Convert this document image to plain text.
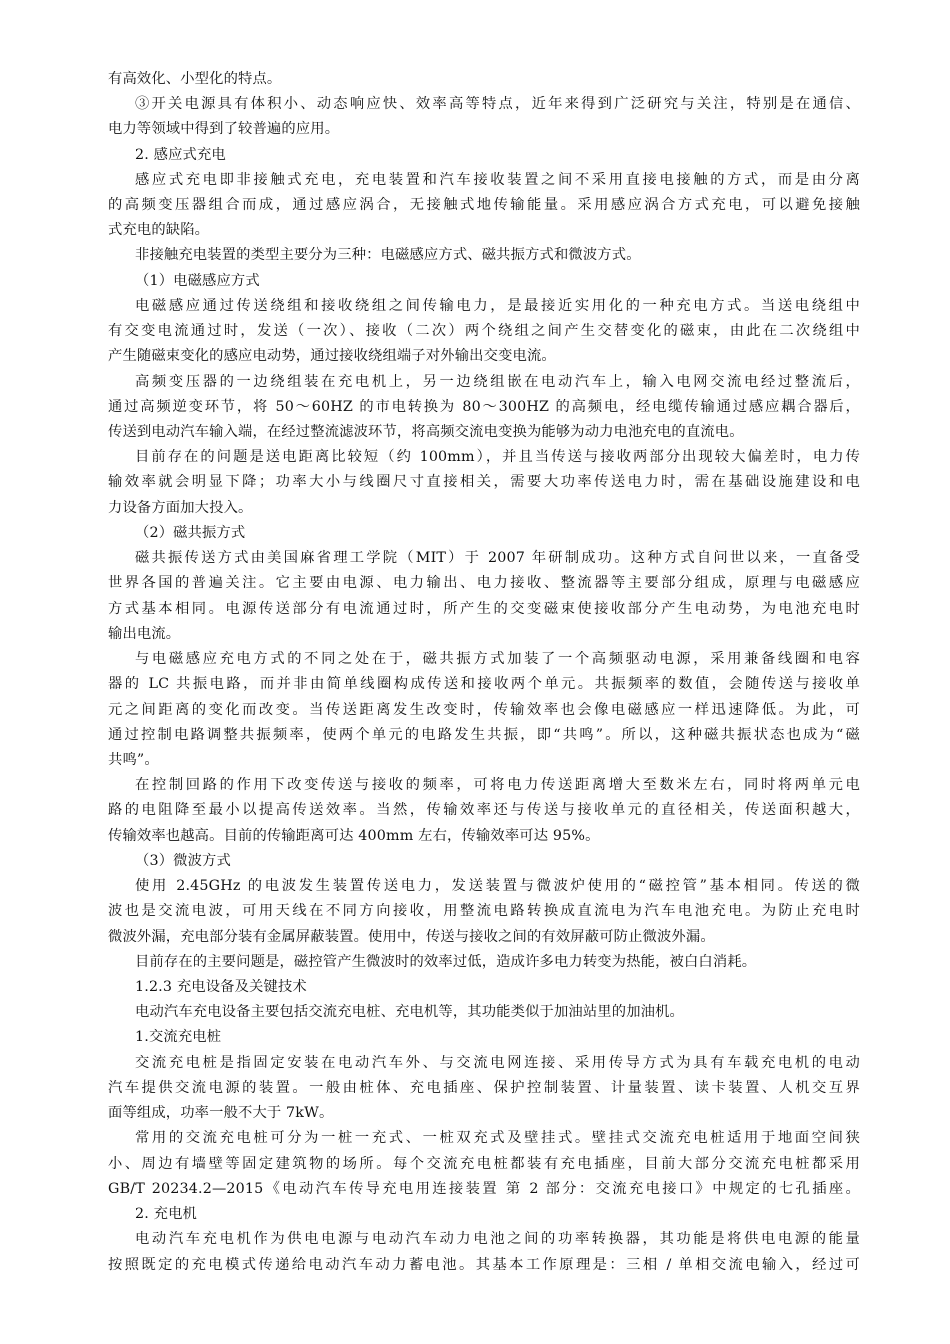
有高效化、小型化的特点。
③开关电源具有体积小、动态响应快、效率高等特点，近年来得到广泛研究与关注，特别是在通信、
电力等领域中得到了较普遍的应用。
2. 感应式充电
感应式充电即非接触式充电，充电装置和汽车接收装置之间不采用直接电接触的方式，而是由分离
的高频变压器组合而成，通过感应涡合，无接触式地传输能量。采用感应涡合方式充电，可以避免接触
式充电的缺陷。
非接触充电装置的类型主要分为三种：电磁感应方式、磁共振方式和微波方式。
（1）电磁感应方式
电磁感应通过传送绕组和接收绕组之间传输电力，是最接近实用化的一种充电方式。当送电绕组中
有交变电流通过时，发送（一次）、接收（二次）两个绕组之间产生交替变化的磁束，由此在二次绕组中
产生随磁束变化的感应电动势，通过接收绕组端子对外输出交变电流。
高频变压器的一边绕组装在充电机上，另一边绕组嵌在电动汽车上，输入电网交流电经过整流后，
通过高频逆变环节，将 50～60HZ 的市电转换为 80～300HZ 的高频电，经电缆传输通过感应耦合器后，
传送到电动汽车输入端，在经过整流滤波环节，将高频交流电变换为能够为动力电池充电的直流电。
目前存在的问题是送电距离比较短（约 100mm），并且当传送与接收两部分出现较大偏差时，电力传
输效率就会明显下降；功率大小与线圈尺寸直接相关，需要大功率传送电力时，需在基础设施建设和电
力设备方面加大投入。
（2）磁共振方式
磁共振传送方式由美国麻省理工学院（MIT）于 2007 年研制成功。这种方式自问世以来，一直备受
世界各国的普遍关注。它主要由电源、电力输出、电力接收、整流器等主要部分组成，原理与电磁感应
方式基本相同。电源传送部分有电流通过时，所产生的交变磁束使接收部分产生电动势，为电池充电时
输出电流。
与电磁感应充电方式的不同之处在于，磁共振方式加装了一个高频驱动电源，采用兼备线圈和电容
器的 LC 共振电路，而并非由简单线圈构成传送和接收两个单元。共振频率的数值，会随传送与接收单
元之间距离的变化而改变。当传送距离发生改变时，传输效率也会像电磁感应一样迅速降低。为此，可
通过控制电路调整共振频率，使两个单元的电路发生共振，即“共鸣”。所以，这种磁共振状态也成为“磁
共鸣”。
在控制回路的作用下改变传送与接收的频率，可将电力传送距离增大至数米左右，同时将两单元电
路的电阻降至最小以提高传送效率。当然，传输效率还与传送与接收单元的直径相关，传送面积越大，
传输效率也越高。目前的传输距离可达 400mm 左右，传输效率可达 95%。
（3）微波方式
使用 2.45GHz 的电波发生装置传送电力，发送装置与微波炉使用的“磁控管”基本相同。传送的微
波也是交流电波，可用天线在不同方向接收，用整流电路转换成直流电为汽车电池充电。为防止充电时
微波外漏，充电部分装有金属屏蔽装置。使用中，传送与接收之间的有效屏蔽可防止微波外漏。
目前存在的主要问题是，磁控管产生微波时的效率过低，造成许多电力转变为热能，被白白消耗。
1.2.3 充电设备及关键技术
电动汽车充电设备主要包括交流充电桩、充电机等，其功能类似于加油站里的加油机。
1.交流充电桩
交流充电桩是指固定安装在电动汽车外、与交流电网连接、采用传导方式为具有车载充电机的电动
汽车提供交流电源的装置。一般由桩体、充电插座、保护控制装置、计量装置、读卡装置、人机交互界
面等组成，功率一般不大于 7kW。
常用的交流充电桩可分为一桩一充式、一桩双充式及壁挂式。壁挂式交流充电桩适用于地面空间狭
小、周边有墙壁等固定建筑物的场所。每个交流充电桩都装有充电插座，目前大部分交流充电桩都采用
GB/T 20234.2—2015《电动汽车传导充电用连接装置 第 2 部分：交流充电接口》中规定的七孔插座。
2. 充电机
电动汽车充电机作为供电电源与电动汽车动力电池之间的功率转换器，其功能是将供电电源的能量
按照既定的充电模式传递给电动汽车动力蓄电池。其基本工作原理是：三相 / 单相交流电输入，经过可
